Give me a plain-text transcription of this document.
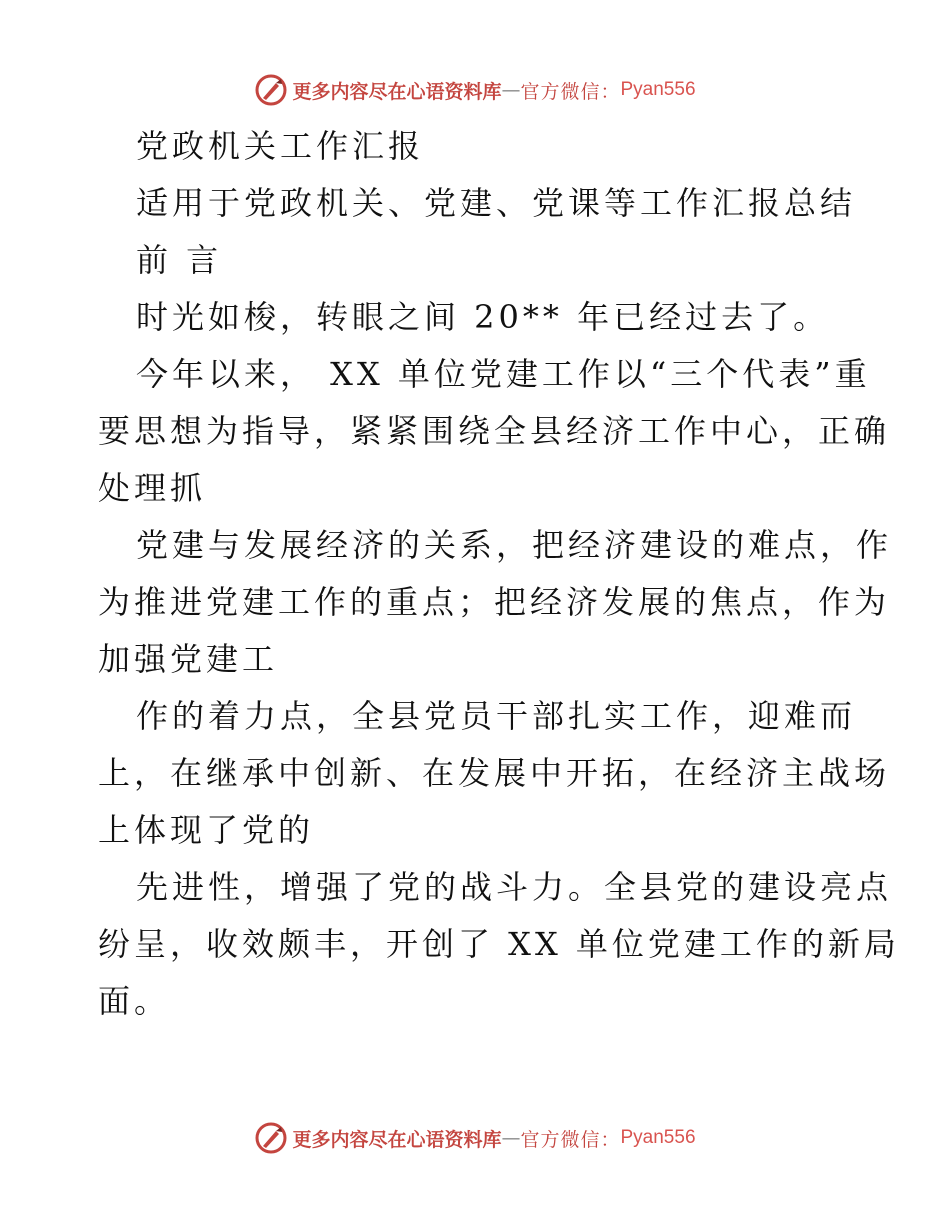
更多内容尽在心语资料库 — 官方微信： Pyan556
党政机关工作汇报
适用于党政机关、党建、党课等工作汇报总结
前 言
时光如梭，转眼之间 20** 年已经过去了。
今年以来， XX 单位党建工作以“三个代表”重
要思想为指导，紧紧围绕全县经济工作中心，正确
处理抓
党建与发展经济的关系，把经济建设的难点，作
为推进党建工作的重点；把经济发展的焦点，作为
加强党建工
作的着力点，全县党员干部扎实工作，迎难而
上，在继承中创新、在发展中开拓，在经济主战场
上体现了党的
先进性，增强了党的战斗力。全县党的建设亮点
纷呈，收效颇丰，开创了 XX 单位党建工作的新局
面。
更多内容尽在心语资料库 — 官方微信： Pyan556
